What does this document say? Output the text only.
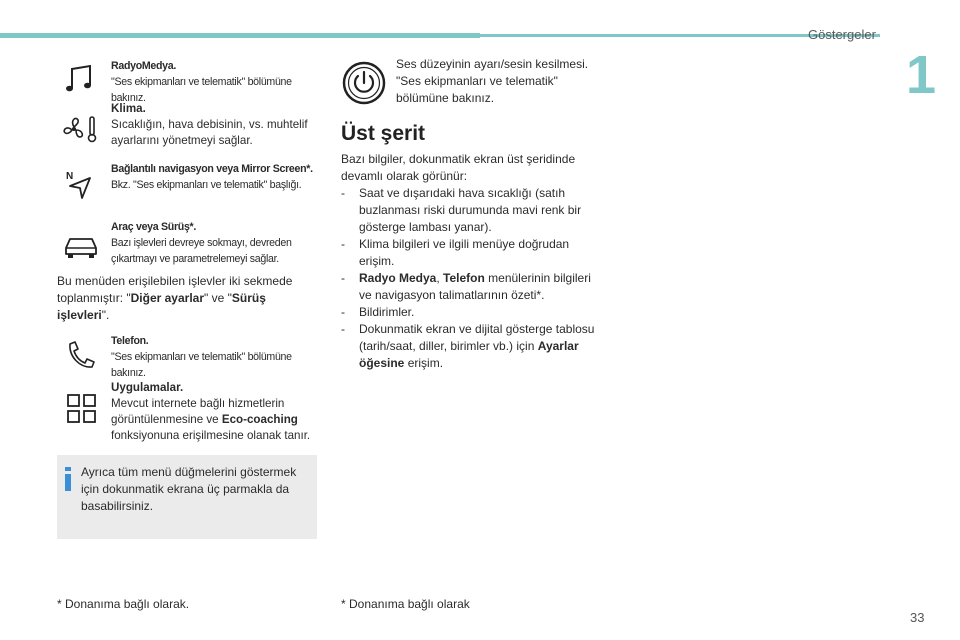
Göstergeler
1
RadyoMedya.
"Ses ekipmanları ve telematik" bölümüne bakınız.
Klima.
Sıcaklığın, hava debisinin, vs. muhtelif ayarlarını yönetmeyi sağlar.
N
Bağlantılı navigasyon veya Mirror Screen*.
Bkz. "Ses ekipmanları ve telematik" başlığı.
Araç veya Sürüş*.
Bazı işlevleri devreye sokmayı, devreden çıkartmayı ve parametrelemeyi sağlar.
Bu menüden erişilebilen işlevler iki sekmede toplanmıştır: "Diğer ayarlar" ve "Sürüş işlevleri".
Telefon.
"Ses ekipmanları ve telematik" bölümüne bakınız.
Uygulamalar.
Mevcut internete bağlı hizmetlerin görüntülenmesine ve Eco-coaching fonksiyonuna erişilmesine olanak tanır.
Ayrıca tüm menü düğmelerini göstermek için dokunmatik ekrana üç parmakla da basabilirsiniz.
Ses düzeyinin ayarı/sesin kesilmesi. "Ses ekipmanları ve telematik" bölümüne bakınız.
Üst şerit
Bazı bilgiler, dokunmatik ekran üst şeridinde devamlı olarak görünür:
- Saat ve dışarıdaki hava sıcaklığı (satıh buzlanması riski durumunda mavi renk bir gösterge lambası yanar).
- Klima bilgileri ve ilgili menüye doğrudan erişim.
- Radyo Medya, Telefon menülerinin bilgileri ve navigasyon talimatlarının özeti*.
- Bildirimler.
- Dokunmatik ekran ve dijital gösterge tablosu (tarih/saat, diller, birimler vb.) için Ayarlar öğesine erişim.
* Donanıma bağlı olarak.	* Donanıma bağlı olarak
33
